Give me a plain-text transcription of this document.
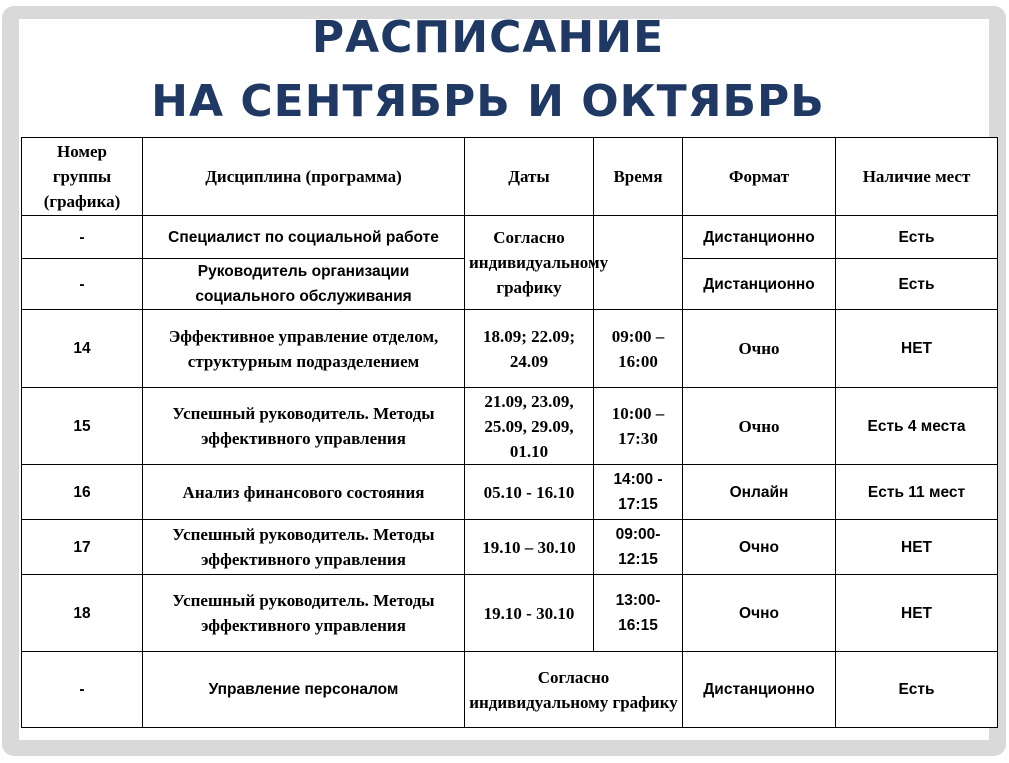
РАСПИСАНИЕ
НА СЕНТЯБРЬ И ОКТЯБРЬ
Номер группы (графика)	Дисциплина (программа)	Даты	Время	Формат	Наличие мест
-	Специалист по социальной работе	Согласно индивидуальному графику		Дистанционно	Есть
-	Руководитель организации социального обслуживания			Дистанционно	Есть
14	Эффективное управление отделом, структурным подразделением	18.09; 22.09; 24.09	09:00 – 16:00	Очно	НЕТ
15	Успешный руководитель. Методы эффективного управления	21.09, 23.09, 25.09, 29.09, 01.10	10:00 – 17:30	Очно	Есть 4 места
16	Анализ финансового состояния	05.10 - 16.10	14:00 - 17:15	Онлайн	Есть 11 мест
17	Успешный руководитель. Методы эффективного управления	19.10 – 30.10	09:00- 12:15	Очно	НЕТ
18	Успешный руководитель. Методы эффективного управления	19.10 - 30.10	13:00- 16:15	Очно	НЕТ
-	Управление персоналом	Согласно индивидуальному графику		Дистанционно	Есть
